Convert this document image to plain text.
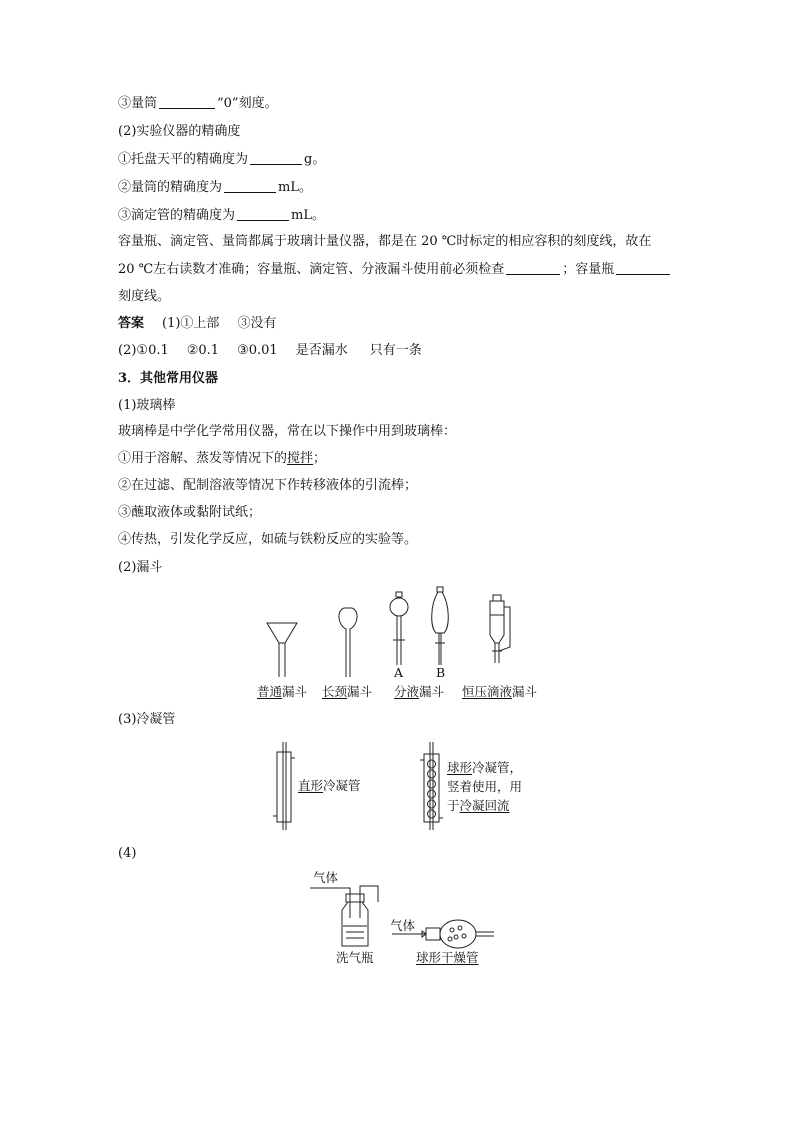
③量筒	“0”刻度。
(2)实验仪器的精确度
①托盘天平的精确度为	g。
②量筒的精确度为	mL。
③滴定管的精确度为	mL。
容量瓶、滴定管、量筒都属于玻璃计量仪器，都是在 20 ℃时标定的相应容积的刻度线，故在
20 ℃左右读数才准确；容量瓶、滴定管、分液漏斗使用前必须检查	；容量瓶
刻度线。
答案 (1)①上部 ③没有
(2)①0.1 ②0.1 ③0.01 是否漏水 只有一条
3．其他常用仪器
(1)玻璃棒
玻璃棒是中学化学常用仪器，常在以下操作中用到玻璃棒：
①用于溶解、蒸发等情况下的搅拌；
②在过滤、配制溶液等情况下作转移液体的引流棒；
③蘸取液体或黏附试纸；
④传热，引发化学反应，如硫与铁粉反应的实验等。
(2)漏斗
A	B
普通漏斗 长颈漏斗 分液漏斗 恒压滴液漏斗
(3)冷凝管
直形冷凝管
球形冷凝管，
竖着使用，用
于冷凝回流
(4)
气体
气体
洗气瓶	球形干燥管
